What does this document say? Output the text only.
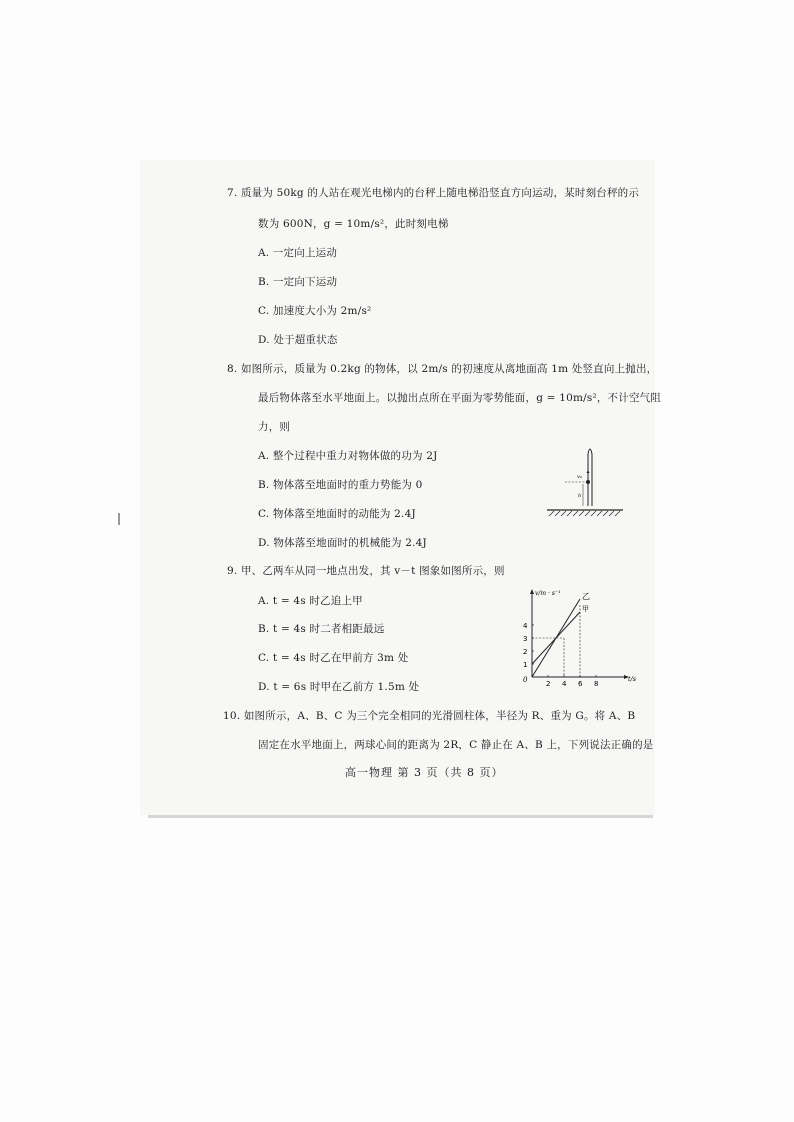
7. 质量为 50kg 的人站在观光电梯内的台秤上随电梯沿竖直方向运动，某时刻台秤的示
数为 600N，g = 10m/s²，此时刻电梯
A. 一定向上运动
B. 一定向下运动
C. 加速度大小为 2m/s²
D. 处于超重状态
8. 如图所示，质量为 0.2kg 的物体，以 2m/s 的初速度从离地面高 1m 处竖直向上抛出，
最后物体落至水平地面上。以抛出点所在平面为零势能面，g = 10m/s²，不计空气阻
力，则
A. 整个过程中重力对物体做的功为 2J
B. 物体落至地面时的重力势能为 0
C. 物体落至地面时的动能为 2.4J
D. 物体落至地面时的机械能为 2.4J
v₀
h
9. 甲、乙两车从同一地点出发，其 v－t 图象如图所示，则
A. t = 4s 时乙追上甲
B. t = 4s 时二者相距最远
C. t = 4s 时乙在甲前方 3m 处
D. t = 6s 时甲在乙前方 1.5m 处
v/m · s⁻¹
t/s
0	2 4 6 8
1
2
3
4
乙
甲
10. 如图所示，A、B、C 为三个完全相同的光滑圆柱体，半径为 R、重为 G。将 A、B
固定在水平地面上，两球心间的距离为 2R，C 静止在 A、B 上，下列说法正确的是
高一物理 第 3 页（共 8 页）
